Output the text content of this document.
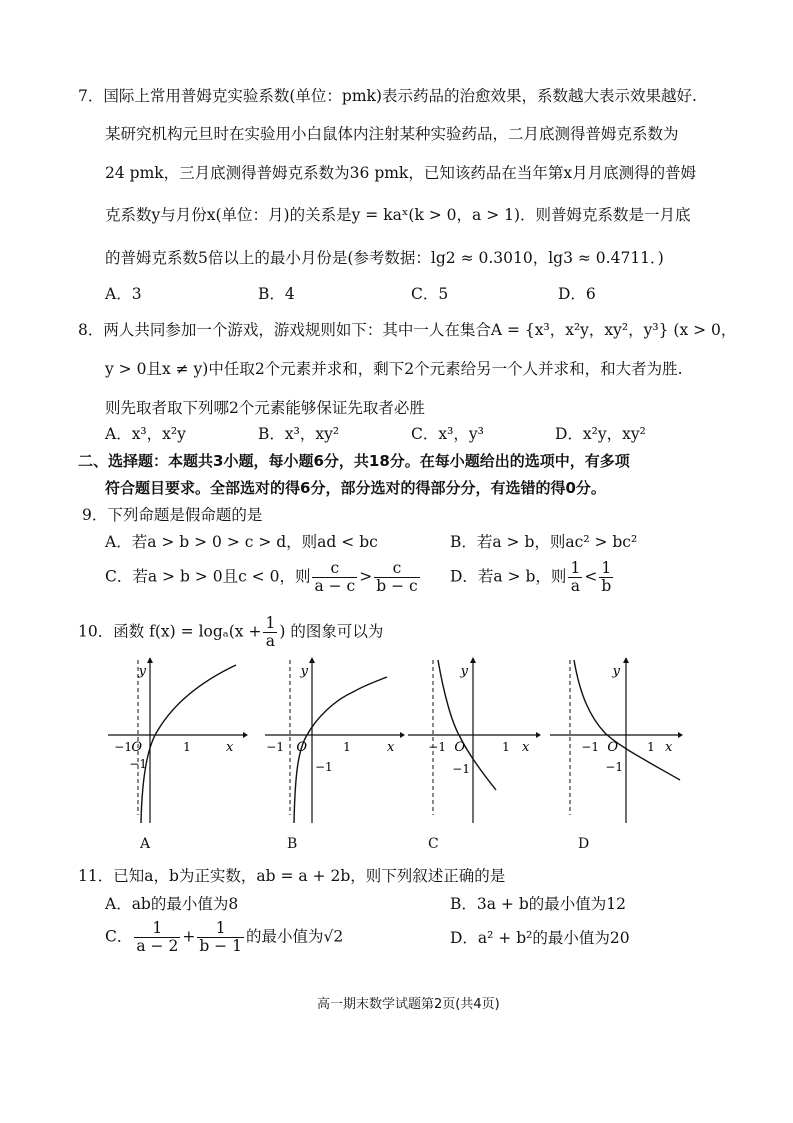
7．国际上常用普姆克实验系数(单位：pmk)表示药品的治愈效果，系数越大表示效果越好.
某研究机构元旦时在实验用小白鼠体内注射某种实验药品，二月底测得普姆克系数为
24 pmk，三月底测得普姆克系数为36 pmk，已知该药品在当年第x月月底测得的普姆
克系数y与月份x(单位：月)的关系是y = kaˣ(k > 0，a > 1)．则普姆克系数是一月底
的普姆克系数5倍以上的最小月份是(参考数据：lg2 ≈ 0.3010，lg3 ≈ 0.4711．)
A．3	B．4	C．5	D．6
8．两人共同参加一个游戏，游戏规则如下：其中一人在集合A = {x³，x²y，xy²，y³} (x > 0，
y > 0且x ≠ y)中任取2个元素并求和，剩下2个元素给另一个人并求和，和大者为胜.
则先取者取下列哪2个元素能够保证先取者必胜
A．x³，x²y	B．x³，xy²	C．x³，y³	D．x²y，xy²
二、选择题：本题共3小题，每小题6分，共18分。在每小题给出的选项中，有多项
符合题目要求。全部选对的得6分，部分选对的得部分分，有选错的得0分。
9．下列命题是假命题的是
A．若a > b > 0 > c > d，则ad < bc	B．若a > b，则ac² > bc²
C．若a > b > 0且c < 0，则 $\frac{c}{a - c} > \frac{c}{b - c}$ D．若a > b，则 $\frac{1}{a} < \frac{1}{b}$
10．函数 $f(x) = \log_a(x + \frac{1}{a}$ ) 的图象可以为
y
x
O
−1	1
−1
A
y
x
O
−1	1
−1
B
y
x
O
−1	1
−1
C
y
x
O
−1	1
−1
D
11．已知a，b为正实数，ab = a + 2b，则下列叙述正确的是
A．ab的最小值为8	B．3a + b的最小值为12
C． $\frac{1}{a - 2} + \frac{1}{b - 1}$ 的最小值为√2	D．a² + b²的最小值为20
高一期末数学试题第2页(共4页)
